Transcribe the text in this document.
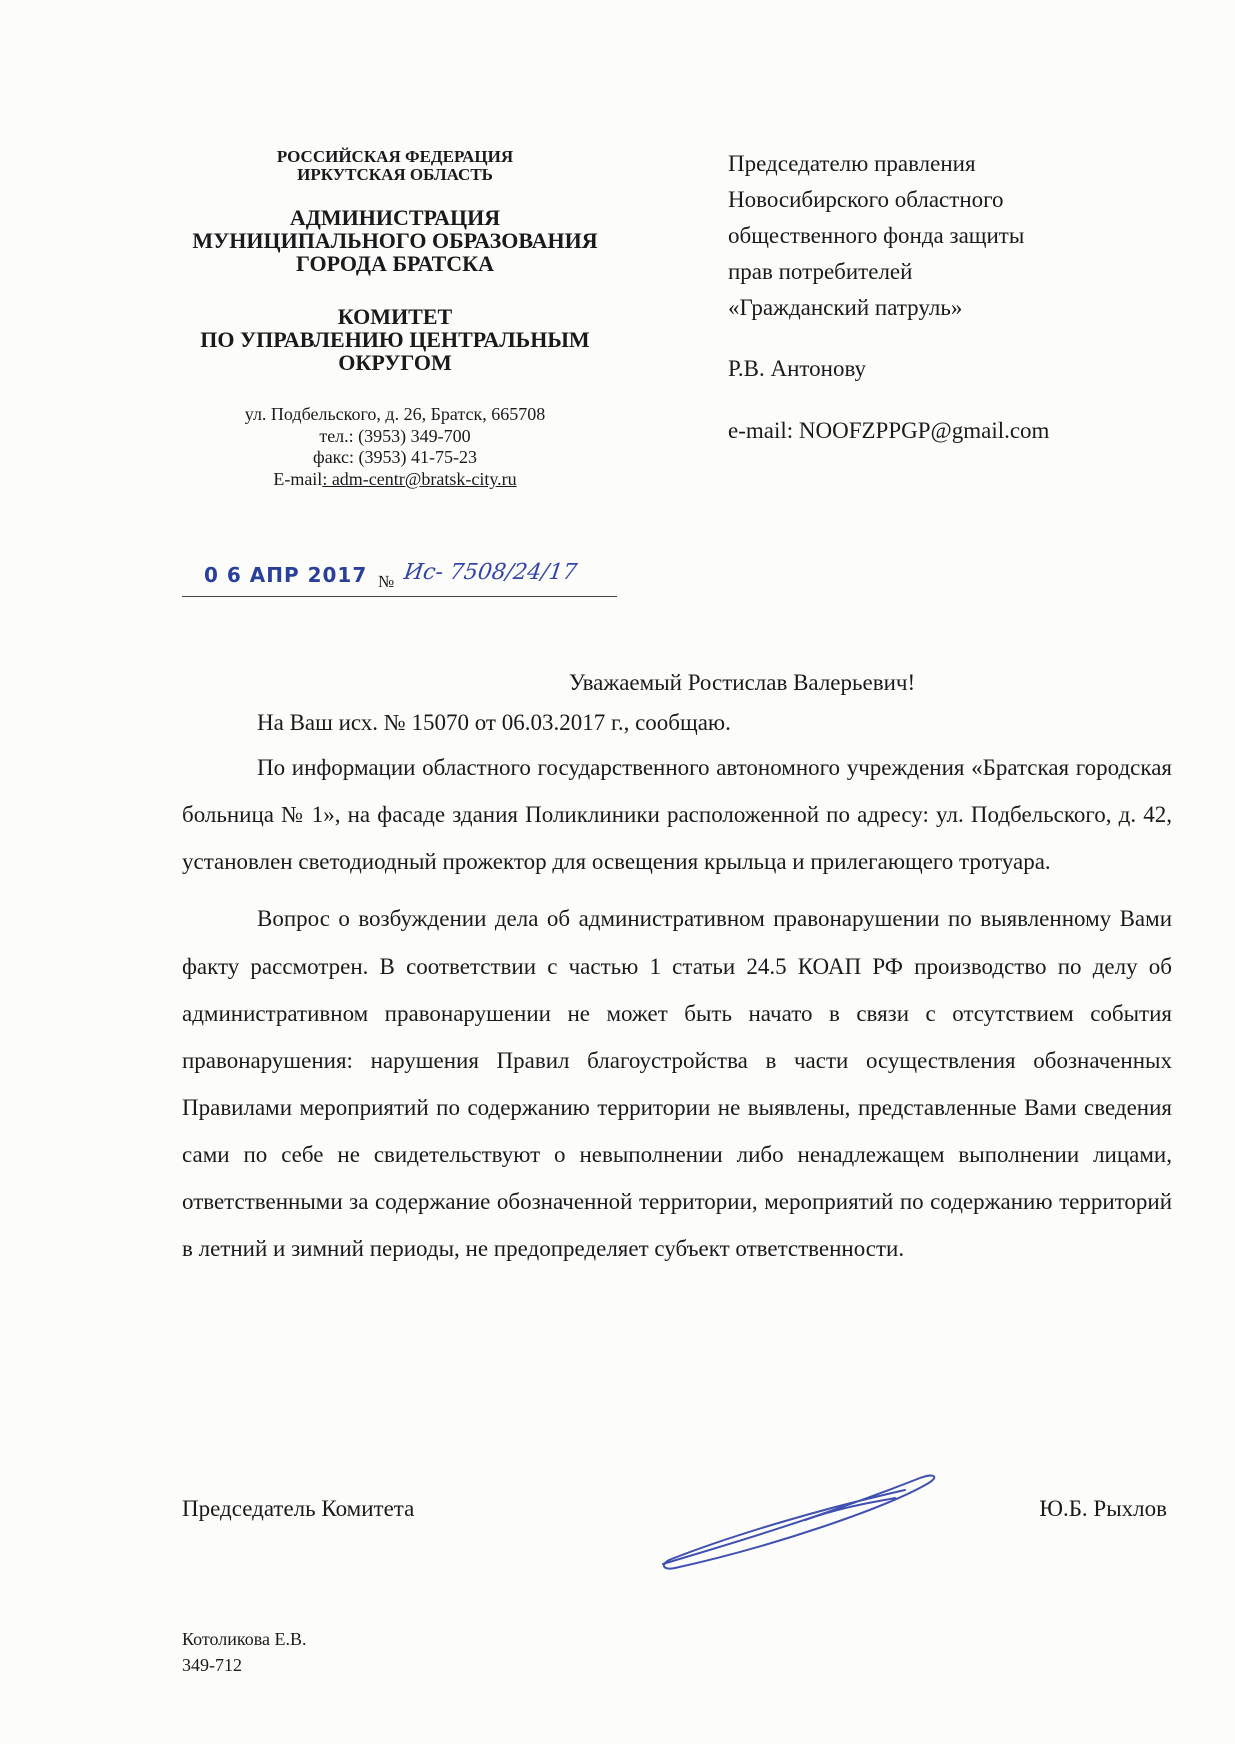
РОССИЙСКАЯ ФЕДЕРАЦИЯ
ИРКУТСКАЯ ОБЛАСТЬ
АДМИНИСТРАЦИЯ
МУНИЦИПАЛЬНОГО ОБРАЗОВАНИЯ
ГОРОДА БРАТСКА
КОМИТЕТ
ПО УПРАВЛЕНИЮ ЦЕНТРАЛЬНЫМ
ОКРУГОМ
ул. Подбельского, д. 26, Братск, 665708
тел.: (3953) 349-700
факс: (3953) 41-75-23
E-mail: adm-centr@bratsk-city.ru
0 6 АПР 2017 № Ис- 7508/24/17
Председателю правления
Новосибирского областного
общественного фонда защиты
прав потребителей
«Гражданский патруль»
Р.В. Антонову
e-mail: NOOFZPPGP@gmail.com
Уважаемый Ростислав Валерьевич!
На Ваш исх. № 15070 от 06.03.2017 г., сообщаю.

По информации областного государственного автономного учреждения «Братская городская больница № 1», на фасаде здания Поликлиники расположенной по адресу: ул. Подбельского, д. 42, установлен светодиодный прожектор для освещения крыльца и прилегающего тротуара.

Вопрос о возбуждении дела об административном правонарушении по выявленному Вами факту рассмотрен. В соответствии с частью 1 статьи 24.5 КОАП РФ производство по делу об административном правонарушении не может быть начато в связи с отсутствием события правонарушения: нарушения Правил благоустройства в части осуществления обозначенных Правилами мероприятий по содержанию территории не выявлены, представленные Вами сведения сами по себе не свидетельствуют о невыполнении либо ненадлежащем выполнении лицами, ответственными за содержание обозначенной территории, мероприятий по содержанию территорий в летний и зимний периоды, не предопределяет субъект ответственности.

Председатель Комитета	Ю.Б. Рыхлов
Котоликова Е.В.
349-712
